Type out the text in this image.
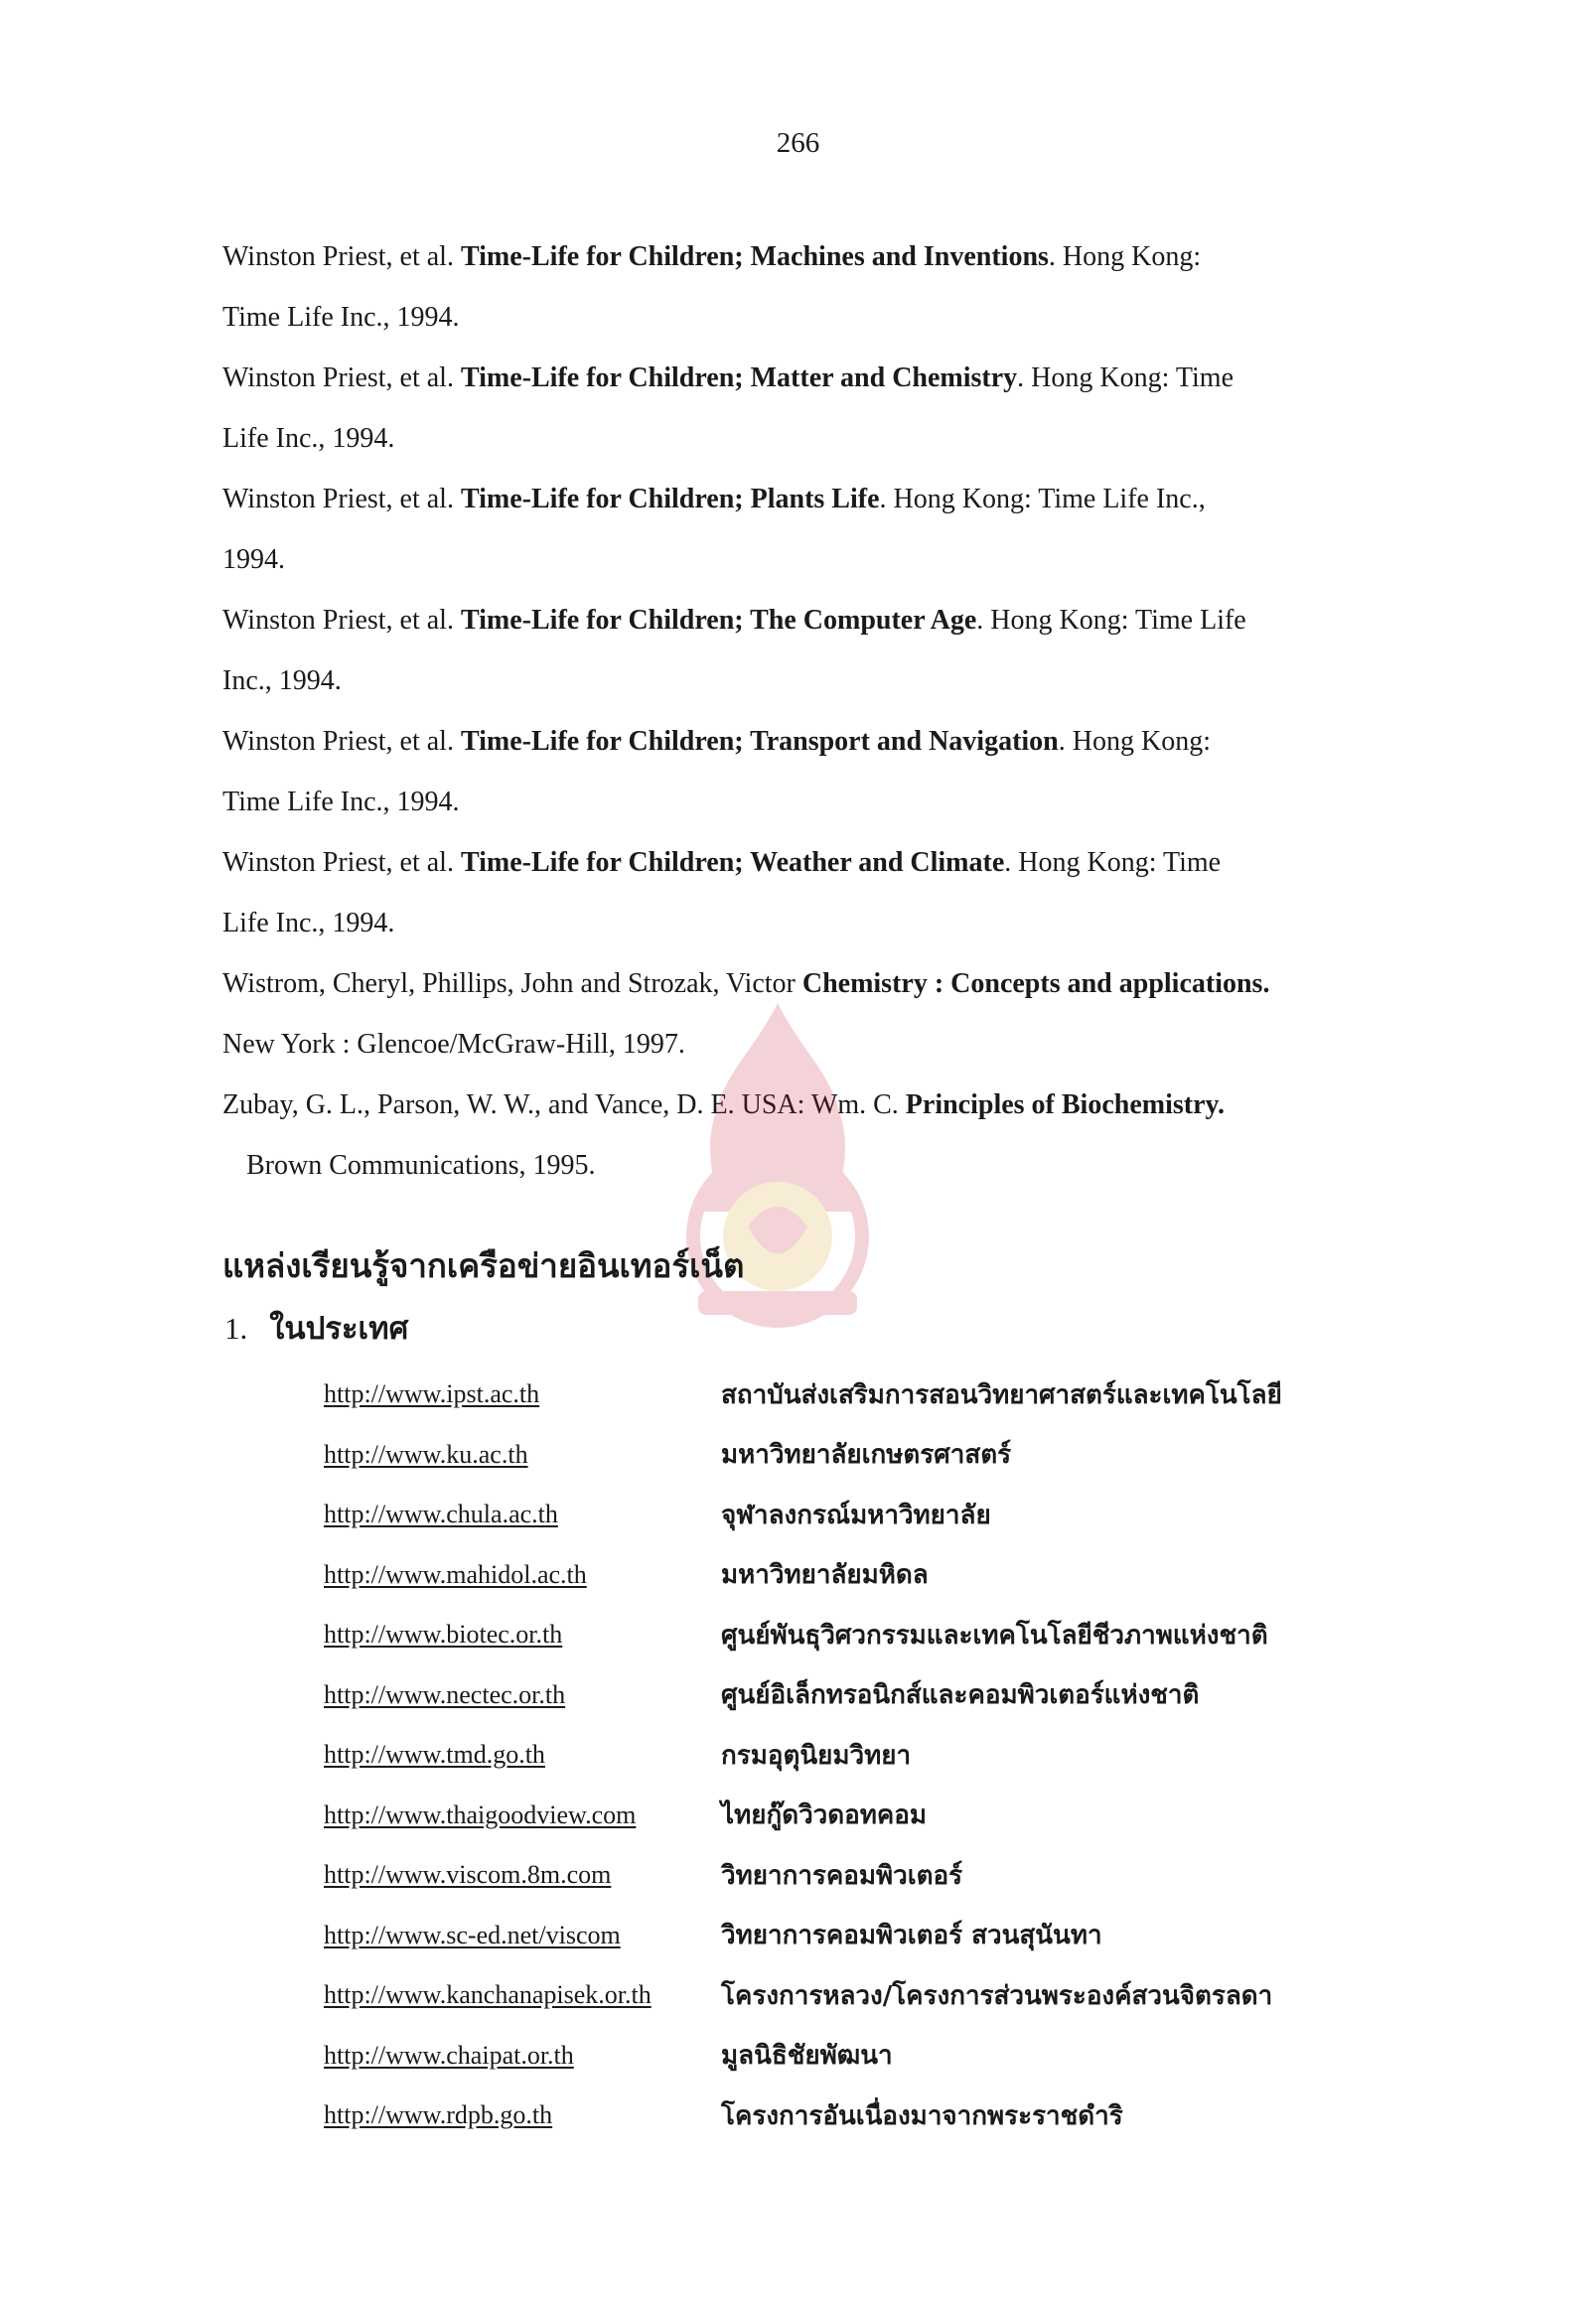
266

Winston Priest, et al. Time-Life for Children; Machines and Inventions. Hong Kong:
Time Life Inc., 1994.

Winston Priest, et al. Time-Life for Children; Matter and Chemistry. Hong Kong: Time
Life Inc., 1994.

Winston Priest, et al. Time-Life for Children; Plants Life. Hong Kong: Time Life Inc.,
1994.

Winston Priest, et al. Time-Life for Children; The Computer Age. Hong Kong: Time Life
Inc., 1994.

Winston Priest, et al. Time-Life for Children; Transport and Navigation. Hong Kong:
Time Life Inc., 1994.

Winston Priest, et al. Time-Life for Children; Weather and Climate. Hong Kong: Time
Life Inc., 1994.

Wistrom, Cheryl, Phillips, John and Strozak, Victor Chemistry : Concepts and applications.
New York : Glencoe/McGraw-Hill, 1997.

Zubay, G. L., Parson, W. W., and Vance, D. E. USA: Wm. C. Principles of Biochemistry.
Brown Communications, 1995.

แหล่งเรียนรู้จากเครือข่ายอินเทอร์เน็ต

1. ในประเทศ

http://www.ipst.ac.th	สถาบันส่งเสริมการสอนวิทยาศาสตร์และเทคโนโลยี
http://www.ku.ac.th	มหาวิทยาลัยเกษตรศาสตร์
http://www.chula.ac.th	จุฬาลงกรณ์มหาวิทยาลัย
http://www.mahidol.ac.th	มหาวิทยาลัยมหิดล
http://www.biotec.or.th	ศูนย์พันธุวิศวกรรมและเทคโนโลยีชีวภาพแห่งชาติ
http://www.nectec.or.th	ศูนย์อิเล็กทรอนิกส์และคอมพิวเตอร์แห่งชาติ
http://www.tmd.go.th	กรมอุตุนิยมวิทยา
http://www.thaigoodview.com	ไทยกู๊ดวิวดอทคอม
http://www.viscom.8m.com	วิทยาการคอมพิวเตอร์
http://www.sc-ed.net/viscom	วิทยาการคอมพิวเตอร์ สวนสุนันทา
http://www.kanchanapisek.or.th	โครงการหลวง/โครงการส่วนพระองค์สวนจิตรลดา
http://www.chaipat.or.th	มูลนิธิชัยพัฒนา
http://www.rdpb.go.th	โครงการอันเนื่องมาจากพระราชดำริ
